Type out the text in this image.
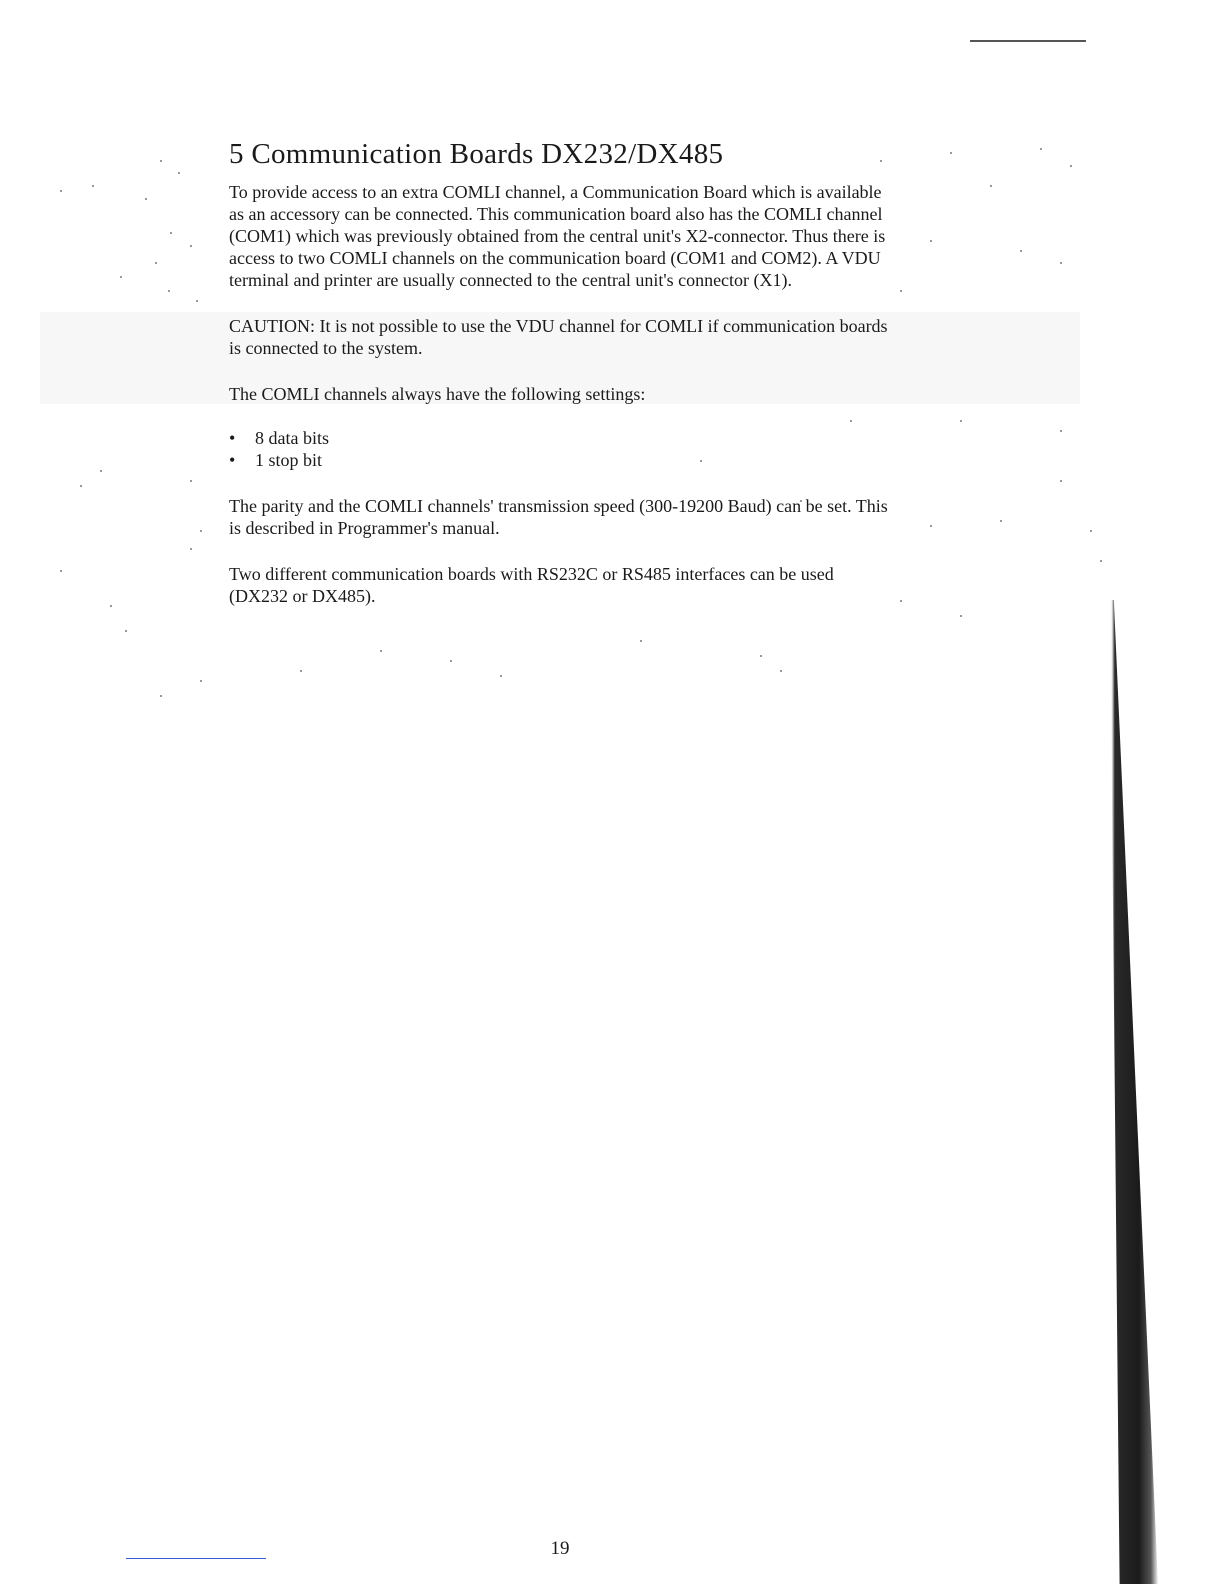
5 Communication Boards DX232/DX485

To provide access to an extra COMLI channel, a Communication Board which is available as an accessory can be connected. This communication board also has the COMLI channel (COM1) which was previously obtained from the central unit's X2-connector. Thus there is access to two COMLI channels on the communication board (COM1 and COM2). A VDU terminal and printer are usually connected to the central unit's connector (X1).

CAUTION: It is not possible to use the VDU channel for COMLI if communication boards is connected to the system.

The COMLI channels always have the following settings:

• 8 data bits
• 1 stop bit

The parity and the COMLI channels' transmission speed (300-19200 Baud) can be set. This is described in Programmer's manual.

Two different communication boards with RS232C or RS485 interfaces can be used (DX232 or DX485).

19
